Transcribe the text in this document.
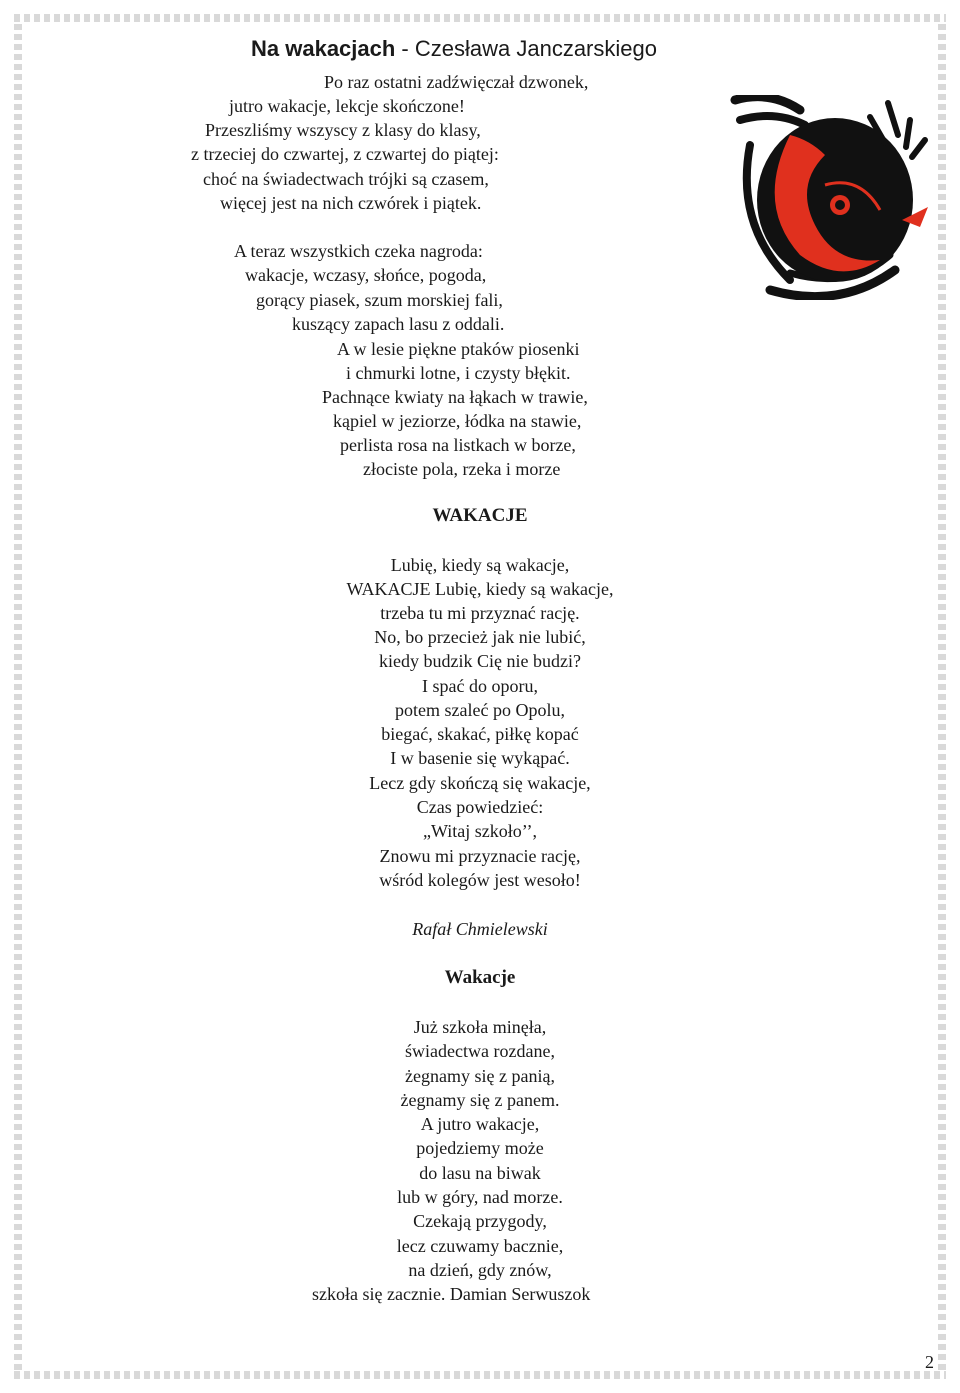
Na wakacjach - Czesława Janczarskiego
Po raz ostatni zadźwięczał dzwonek,
jutro wakacje, lekcje skończone!
Przeszliśmy wszyscy z klasy do klasy,
z trzeciej do czwartej, z czwartej do piątej:
choć na świadectwach trójki są czasem,
więcej jest na nich czwórek i piątek.
A teraz wszystkich czeka nagroda:
wakacje, wczasy, słońce, pogoda,
gorący piasek, szum morskiej fali,
kuszący zapach lasu z oddali.
A w lesie piękne ptaków piosenki
i chmurki lotne, i czysty błękit.
Pachnące kwiaty na łąkach w trawie,
kąpiel w jeziorze, łódka na stawie,
perlista rosa na listkach w borze,
złociste pola, rzeka i morze
WAKACJE
Lubię, kiedy są wakacje,
WAKACJE Lubię, kiedy są wakacje,
trzeba tu mi przyznać rację.
No, bo przecież jak nie lubić,
kiedy budzik Cię nie budzi?
I spać do oporu,
potem szaleć po Opolu,
biegać, skakać, piłkę kopać
I w basenie się wykąpać.
Lecz gdy skończą się wakacje,
Czas powiedzieć:
„Witaj szkoło’’,
Znowu mi przyznacie rację,
wśród kolegów jest wesoło!
Rafał Chmielewski
Wakacje
Już szkoła minęła,
świadectwa rozdane,
żegnamy się z panią,
żegnamy się z panem.
A jutro wakacje,
pojedziemy może
do lasu na biwak
lub w góry, nad morze.
Czekają przygody,
lecz czuwamy bacznie,
na dzień, gdy znów,
szkoła się zacznie. Damian Serwuszok
2
